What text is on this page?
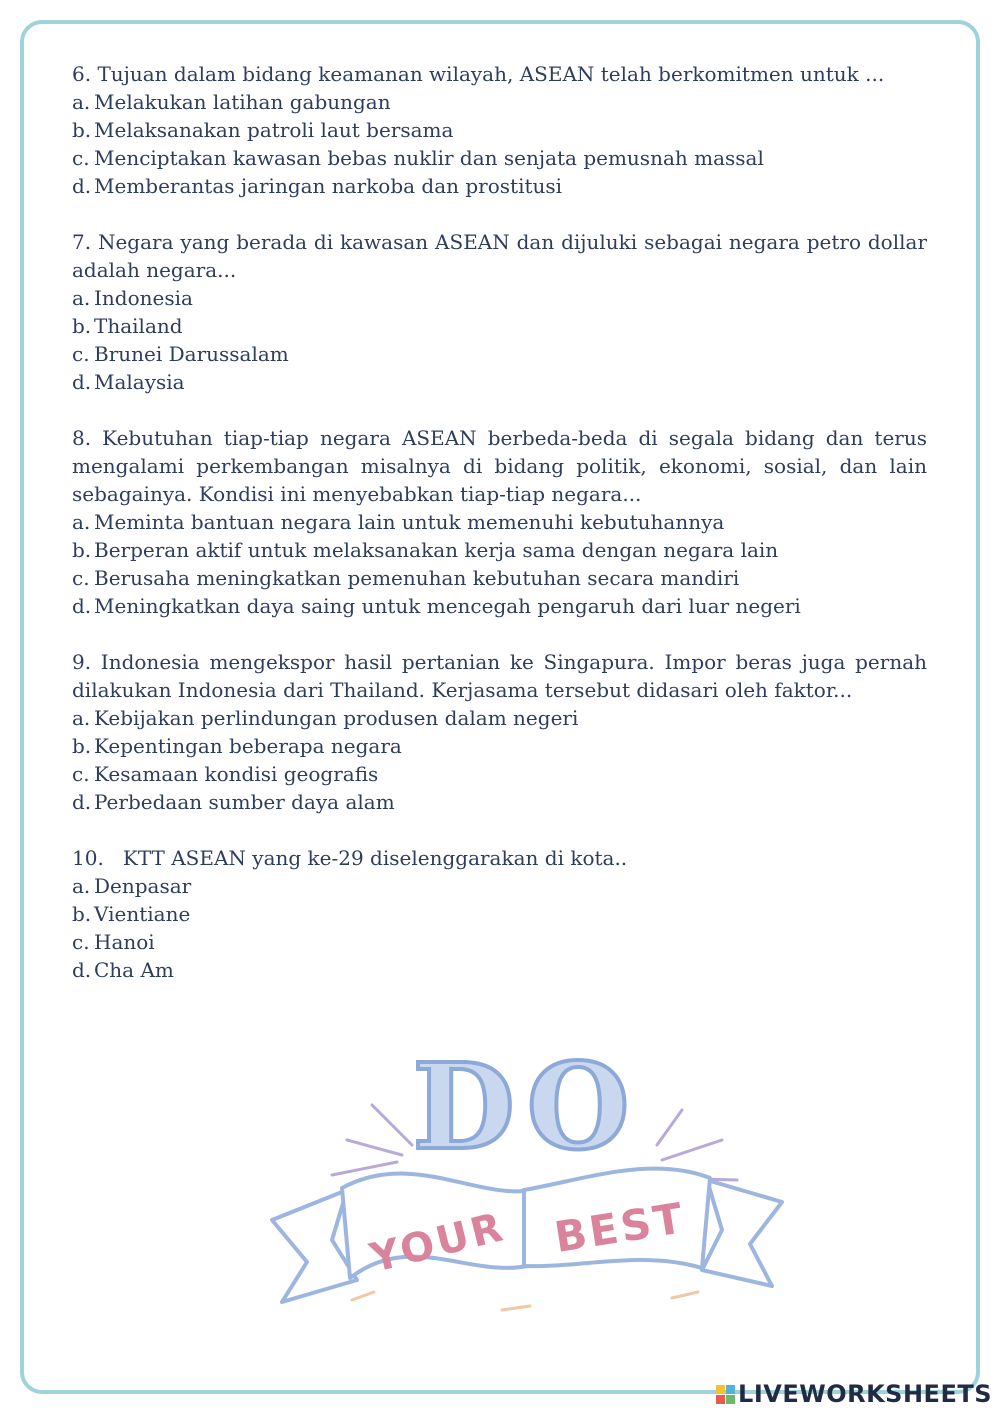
6. Tujuan dalam bidang keamanan wilayah, ASEAN telah berkomitmen untuk ...
a. Melakukan latihan gabungan
b. Melaksanakan patroli laut bersama
c. Menciptakan kawasan bebas nuklir dan senjata pemusnah massal
d. Memberantas jaringan narkoba dan prostitusi
7. Negara yang berada di kawasan ASEAN dan dijuluki sebagai negara petro dollar adalah negara...
a. Indonesia
b. Thailand
c. Brunei Darussalam
d. Malaysia
8. Kebutuhan tiap-tiap negara ASEAN berbeda-beda di segala bidang dan terus mengalami perkembangan misalnya di bidang politik, ekonomi, sosial, dan lain sebagainya. Kondisi ini menyebabkan tiap-tiap negara...
a. Meminta bantuan negara lain untuk memenuhi kebutuhannya
b. Berperan aktif untuk melaksanakan kerja sama dengan negara lain
c. Berusaha meningkatkan pemenuhan kebutuhan secara mandiri
d. Meningkatkan daya saing untuk mencegah pengaruh dari luar negeri
9. Indonesia mengekspor hasil pertanian ke Singapura. Impor beras juga pernah dilakukan Indonesia dari Thailand. Kerjasama tersebut didasari oleh faktor...
a. Kebijakan perlindungan produsen dalam negeri
b. Kepentingan beberapa negara
c. Kesamaan kondisi geografis
d. Perbedaan sumber daya alam
10.   KTT ASEAN yang ke-29 diselenggarakan di kota..
a. Denpasar
b. Vientiane
c. Hanoi
d. Cha Am
DO
YOUR BEST
LIVEWORKSHEETS
